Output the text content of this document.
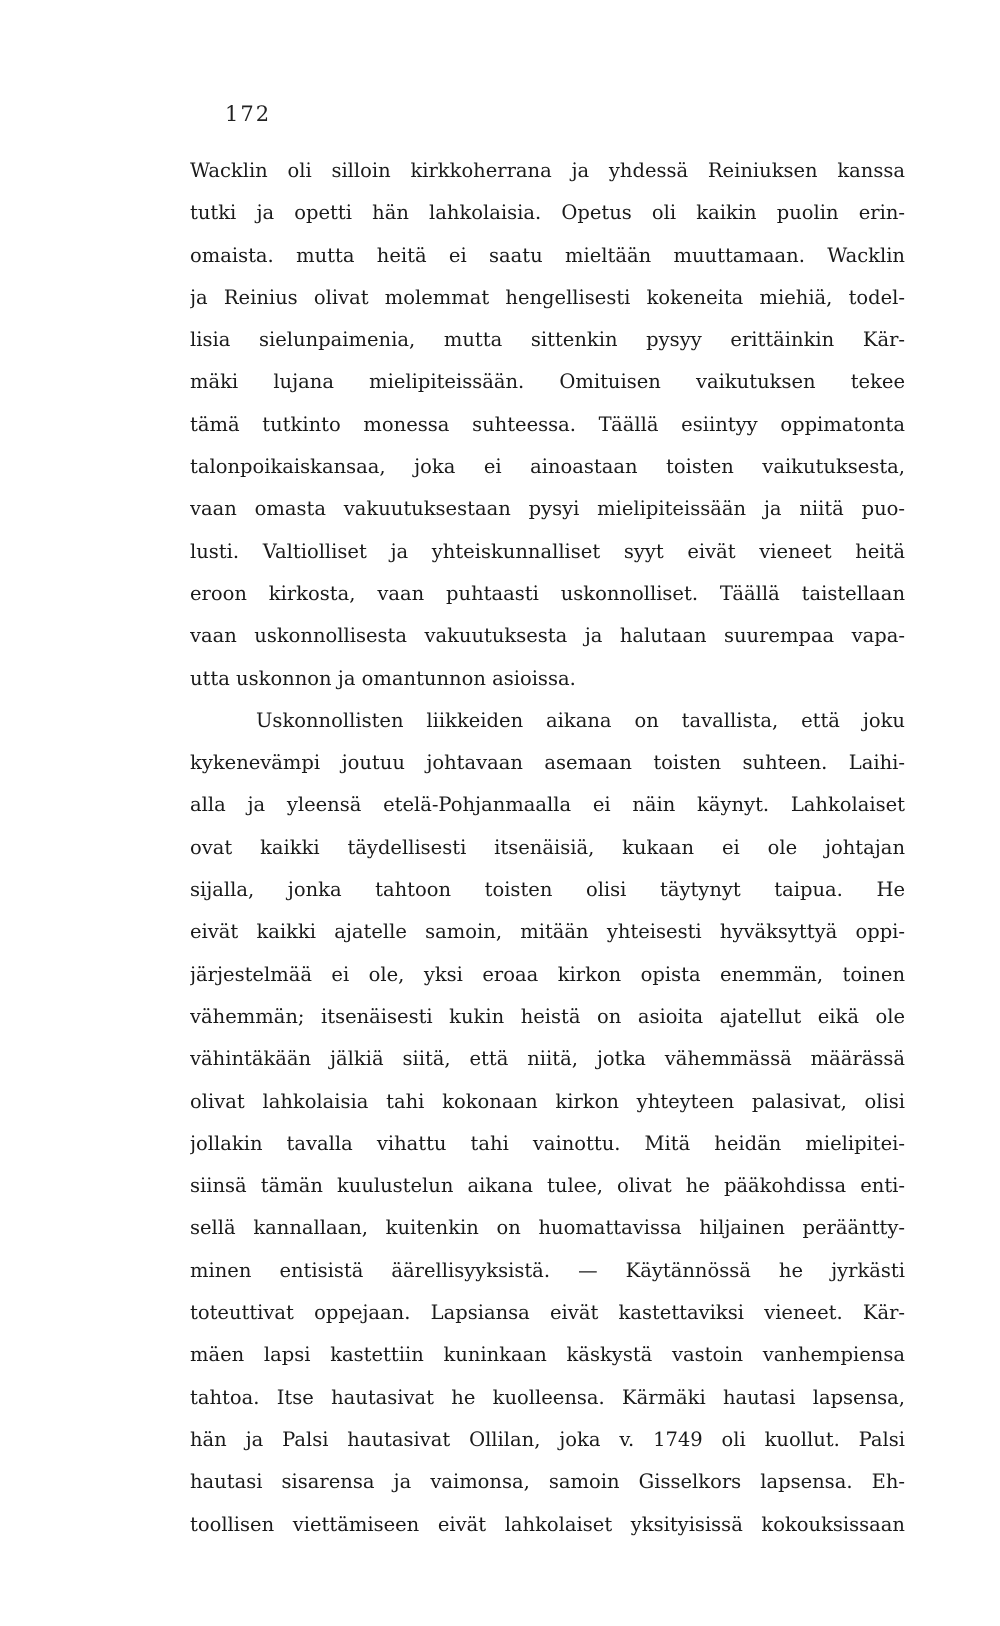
172
Wacklin oli silloin kirkkoherrana ja yhdessä Reiniuksen kanssa
tutki ja opetti hän lahkolaisia. Opetus oli kaikin puolin erin-
omaista. mutta heitä ei saatu mieltään muuttamaan. Wacklin
ja Reinius olivat molemmat hengellisesti kokeneita miehiä, todel-
lisia sielunpaimenia, mutta sittenkin pysyy erittäinkin Kär-
mäki lujana mielipiteissään. Omituisen vaikutuksen tekee
tämä tutkinto monessa suhteessa. Täällä esiintyy oppimatonta
talonpoikaiskansaa, joka ei ainoastaan toisten vaikutuksesta,
vaan omasta vakuutuksestaan pysyi mielipiteissään ja niitä puo-
lusti. Valtiolliset ja yhteiskunnalliset syyt eivät vieneet heitä
eroon kirkosta, vaan puhtaasti uskonnolliset. Täällä taistellaan
vaan uskonnollisesta vakuutuksesta ja halutaan suurempaa vapa-
utta uskonnon ja omantunnon asioissa.
Uskonnollisten liikkeiden aikana on tavallista, että joku
kykenevämpi joutuu johtavaan asemaan toisten suhteen. Laihi-
alla ja yleensä etelä-Pohjanmaalla ei näin käynyt. Lahkolaiset
ovat kaikki täydellisesti itsenäisiä, kukaan ei ole johtajan
sijalla, jonka tahtoon toisten olisi täytynyt taipua. He
eivät kaikki ajatelle samoin, mitään yhteisesti hyväksyttyä oppi-
järjestelmää ei ole, yksi eroaa kirkon opista enemmän, toinen
vähemmän; itsenäisesti kukin heistä on asioita ajatellut eikä ole
vähintäkään jälkiä siitä, että niitä, jotka vähemmässä määrässä
olivat lahkolaisia tahi kokonaan kirkon yhteyteen palasivat, olisi
jollakin tavalla vihattu tahi vainottu. Mitä heidän mielipitei-
siinsä tämän kuulustelun aikana tulee, olivat he pääkohdissa enti-
sellä kannallaan, kuitenkin on huomattavissa hiljainen perääntty-
minen entisistä äärellisyyksistä. — Käytännössä he jyrkästi
toteuttivat oppejaan. Lapsiansa eivät kastettaviksi vieneet. Kär-
mäen lapsi kastettiin kuninkaan käskystä vastoin vanhempiensa
tahtoa. Itse hautasivat he kuolleensa. Kärmäki hautasi lapsensa,
hän ja Palsi hautasivat Ollilan, joka v. 1749 oli kuollut. Palsi
hautasi sisarensa ja vaimonsa, samoin Gisselkors lapsensa. Eh-
toollisen viettämiseen eivät lahkolaiset yksityisissä kokouksissaan
